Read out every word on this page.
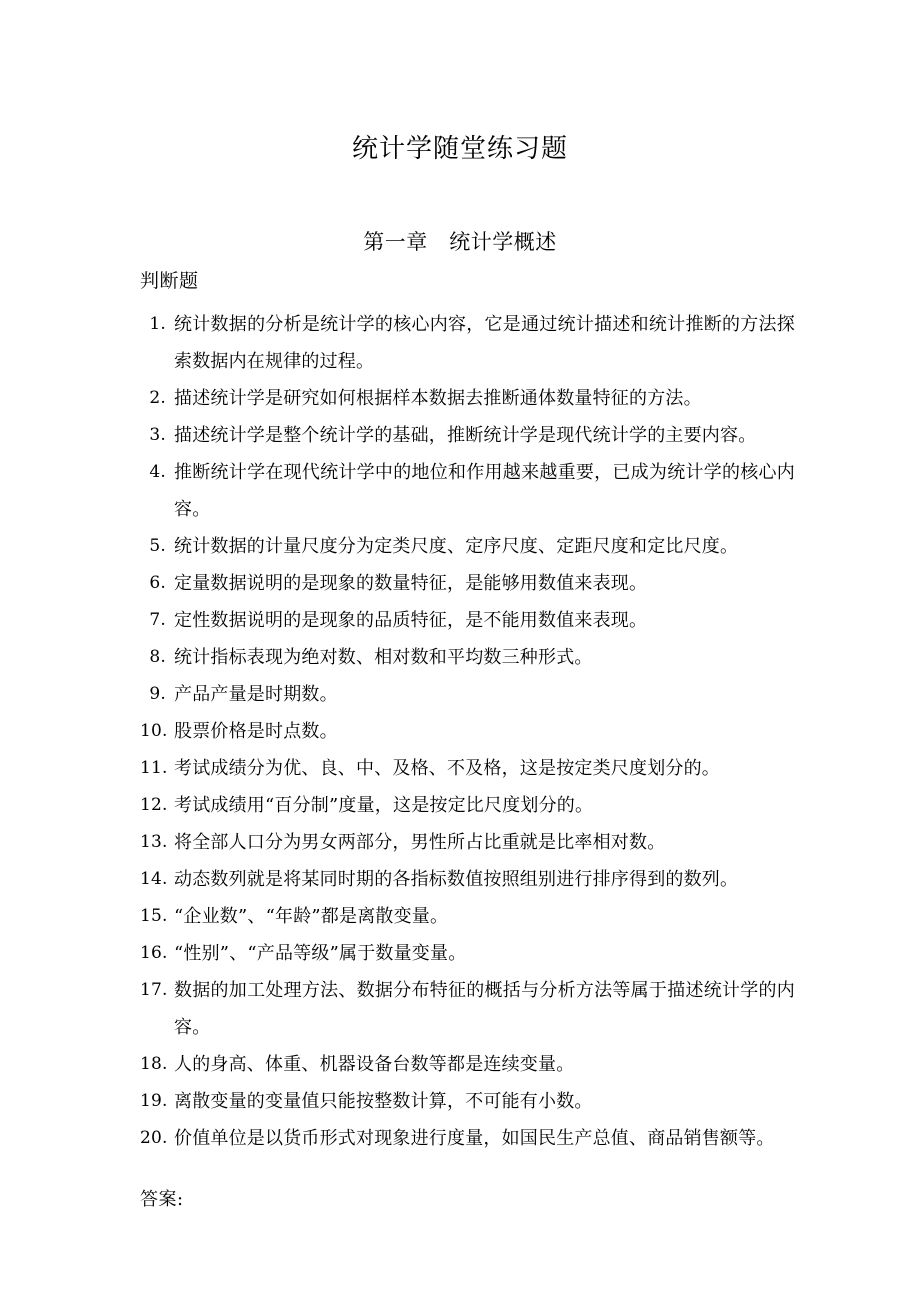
统计学随堂练习题
第一章　统计学概述
判断题
1. 统计数据的分析是统计学的核心内容，它是通过统计描述和统计推断的方法探索数据内在规律的过程。
2. 描述统计学是研究如何根据样本数据去推断通体数量特征的方法。
3. 描述统计学是整个统计学的基础，推断统计学是现代统计学的主要内容。
4. 推断统计学在现代统计学中的地位和作用越来越重要，已成为统计学的核心内容。
5. 统计数据的计量尺度分为定类尺度、定序尺度、定距尺度和定比尺度。
6. 定量数据说明的是现象的数量特征，是能够用数值来表现。
7. 定性数据说明的是现象的品质特征，是不能用数值来表现。
8. 统计指标表现为绝对数、相对数和平均数三种形式。
9. 产品产量是时期数。
10. 股票价格是时点数。
11. 考试成绩分为优、良、中、及格、不及格，这是按定类尺度划分的。
12. 考试成绩用“百分制”度量，这是按定比尺度划分的。
13. 将全部人口分为男女两部分，男性所占比重就是比率相对数。
14. 动态数列就是将某同时期的各指标数值按照组别进行排序得到的数列。
15. “企业数”、“年龄”都是离散变量。
16. “性别”、“产品等级”属于数量变量。
17. 数据的加工处理方法、数据分布特征的概括与分析方法等属于描述统计学的内容。
18. 人的身高、体重、机器设备台数等都是连续变量。
19. 离散变量的变量值只能按整数计算，不可能有小数。
20. 价值单位是以货币形式对现象进行度量，如国民生产总值、商品销售额等。
答案:
